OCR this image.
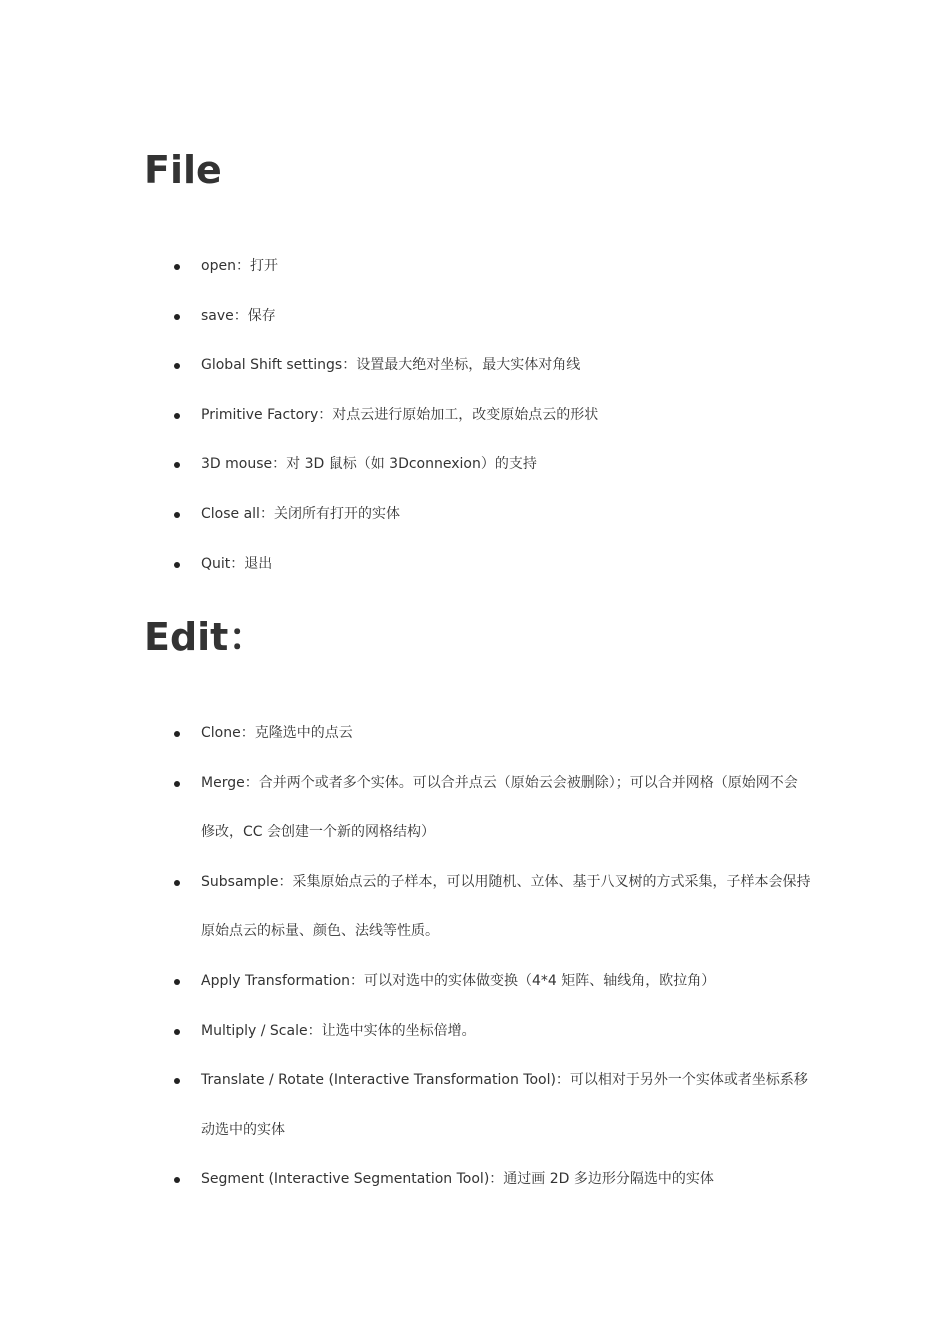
File
open：打开
save：保存
Global Shift settings：设置最大绝对坐标，最大实体对角线
Primitive Factory：对点云进行原始加工，改变原始点云的形状
3D mouse：对 3D 鼠标（如 3Dconnexion）的支持
Close all：关闭所有打开的实体
Quit：退出
Edit：
Clone：克隆选中的点云
Merge：合并两个或者多个实体。可以合并点云（原始云会被删除）；可以合并网格（原始网不会修改，CC 会创建一个新的网格结构）
Subsample：采集原始点云的子样本，可以用随机、立体、基于八叉树的方式采集，子样本会保持原始点云的标量、颜色、法线等性质。
Apply Transformation：可以对选中的实体做变换（4*4 矩阵、轴线角，欧拉角）
Multiply / Scale：让选中实体的坐标倍增。
Translate / Rotate (Interactive Transformation Tool)：可以相对于另外一个实体或者坐标系移动选中的实体
Segment (Interactive Segmentation Tool)：通过画 2D 多边形分隔选中的实体
